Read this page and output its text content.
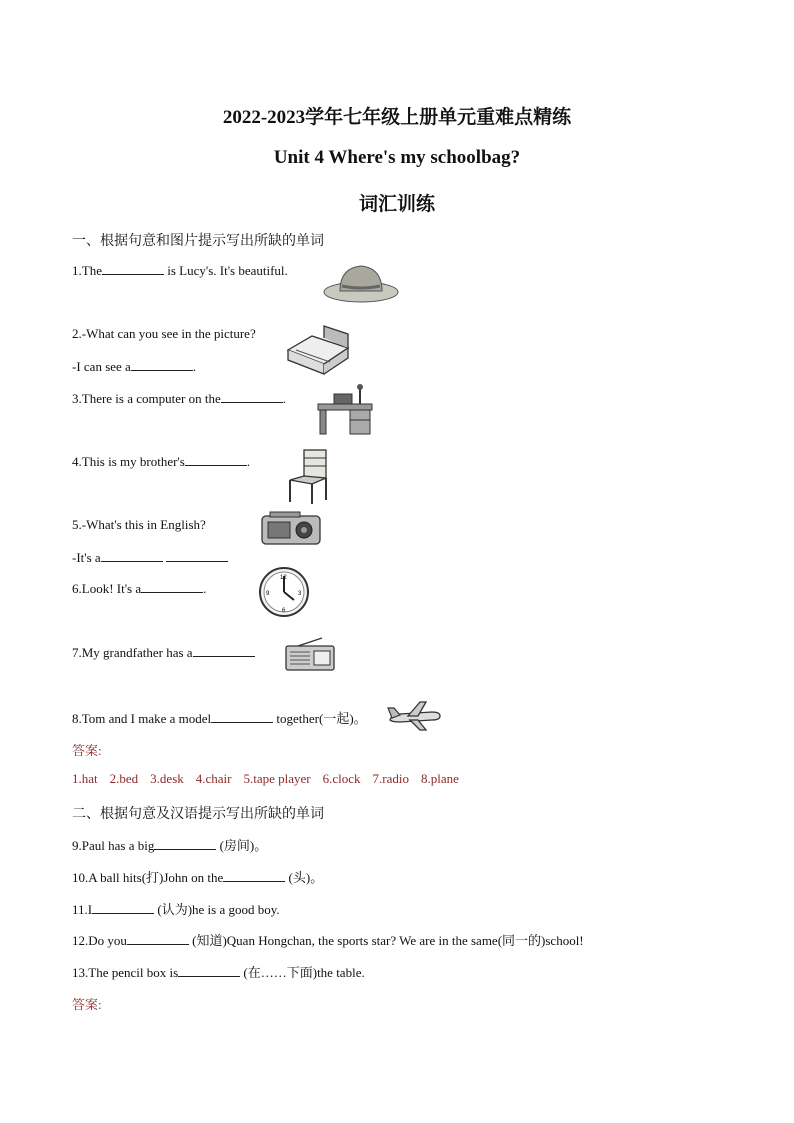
2022-2023学年七年级上册单元重难点精练
Unit 4 Where's my schoolbag?
词汇训练
一、根据句意和图片提示写出所缺的单词
1.The	is Lucy's. It's beautiful.
2.-What can you see in the picture?
-I can see a	.
3.There is a computer on the	.
4.This is my brother's	.
5.-What's this in English?
-It's a
6.Look! It's a	.
12
3
6
9
7.My grandfather has a
8.Tom and I make a model	together(一起)。
答案:
1.hat 2.bed 3.desk 4.chair 5.tape player 6.clock 7.radio 8.plane
二、根据句意及汉语提示写出所缺的单词
9.Paul has a big	(房间)。
10.A ball hits(打)John on the	(头)。
11.I	(认为)he is a good boy.
12.Do you	(知道)Quan Hongchan, the sports star? We are in the same(同一的)school!
13.The pencil box is	(在……下面)the table.
答案:
